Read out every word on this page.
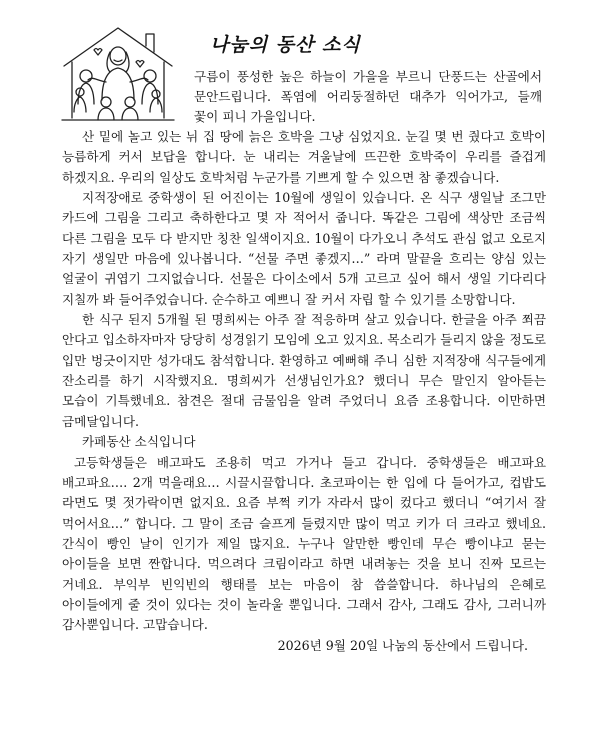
나눔의 동산 소식

구름이 풍성한 높은 하늘이 가을을 부르니 단풍드는 산골에서 문안드립니다. 폭염에 어리둥절하던 대추가 익어가고, 들깨 꽃이 피니 가을입니다.

산 밑에 놀고 있는 뉘 집 땅에 늙은 호박을 그냥 심었지요. 눈길 몇 번 줬다고 호박이 능름하게 커서 보답을 합니다. 눈 내리는 겨울날에 뜨끈한 호박죽이 우리를 즐겁게 하겠지요. 우리의 일상도 호박처럼 누군가를 기쁘게 할 수 있으면 참 좋겠습니다.

지적장애로 중학생이 된 어진이는 10월에 생일이 있습니다. 온 식구 생일날 조그만 카드에 그림을 그리고 축하한다고 몇 자 적어서 줍니다. 똑같은 그림에 색상만 조금씩 다른 그림을 모두 다 받지만 칭찬 일색이지요. 10월이 다가오니 추석도 관심 없고 오로지 자기 생일만 마음에 있나봅니다. “선물 주면 좋겠지…” 라며 말끝을 흐리는 양심 있는 얼굴이 귀엽기 그지없습니다. 선물은 다이소에서 5개 고르고 싶어 해서 생일 기다리다 지칠까 봐 들어주었습니다. 순수하고 예쁘니 잘 커서 자립 할 수 있기를 소망합니다.

한 식구 된지 5개월 된 명희씨는 아주 잘 적응하며 살고 있습니다. 한글을 아주 쬐끔 안다고 입소하자마자 당당히 성경읽기 모임에 오고 있지요. 목소리가 들리지 않을 정도로 입만 벙긋이지만 성가대도 참석합니다. 환영하고 예뻐해 주니 심한 지적장애 식구들에게 잔소리를 하기 시작했지요. 명희씨가 선생님인가요? 했더니 무슨 말인지 알아듣는 모습이 기특했네요. 참견은 절대 금물임을 알려 주었더니 요즘 조용합니다. 이만하면 금메달입니다.

카페동산 소식입니다

고등학생들은 배고파도 조용히 먹고 가거나 들고 갑니다. 중학생들은 배고파요 배고파요…. 2개 먹을래요… 시끌시끌합니다. 초코파이는 한 입에 다 들어가고, 컵밥도 라면도 몇 젓가락이면 없지요. 요즘 부쩍 키가 자라서 많이 컸다고 했더니 “여기서 잘 먹어서요…” 합니다. 그 말이 조금 슬프게 들렸지만 많이 먹고 키가 더 크라고 했네요. 간식이 빵인 날이 인기가 제일 많지요. 누구나 알만한 빵인데 무슨 빵이냐고 묻는 아이들을 보면 짠합니다. 먹으려다 크림이라고 하면 내려놓는 것을 보니 진짜 모르는 거네요. 부익부 빈익빈의 행태를 보는 마음이 참 씁쓸합니다. 하나님의 은혜로 아이들에게 줄 것이 있다는 것이 놀라울 뿐입니다. 그래서 감사, 그래도 감사, 그러니까 감사뿐입니다. 고맙습니다.

2026년 9월 20일 나눔의 동산에서 드립니다.
